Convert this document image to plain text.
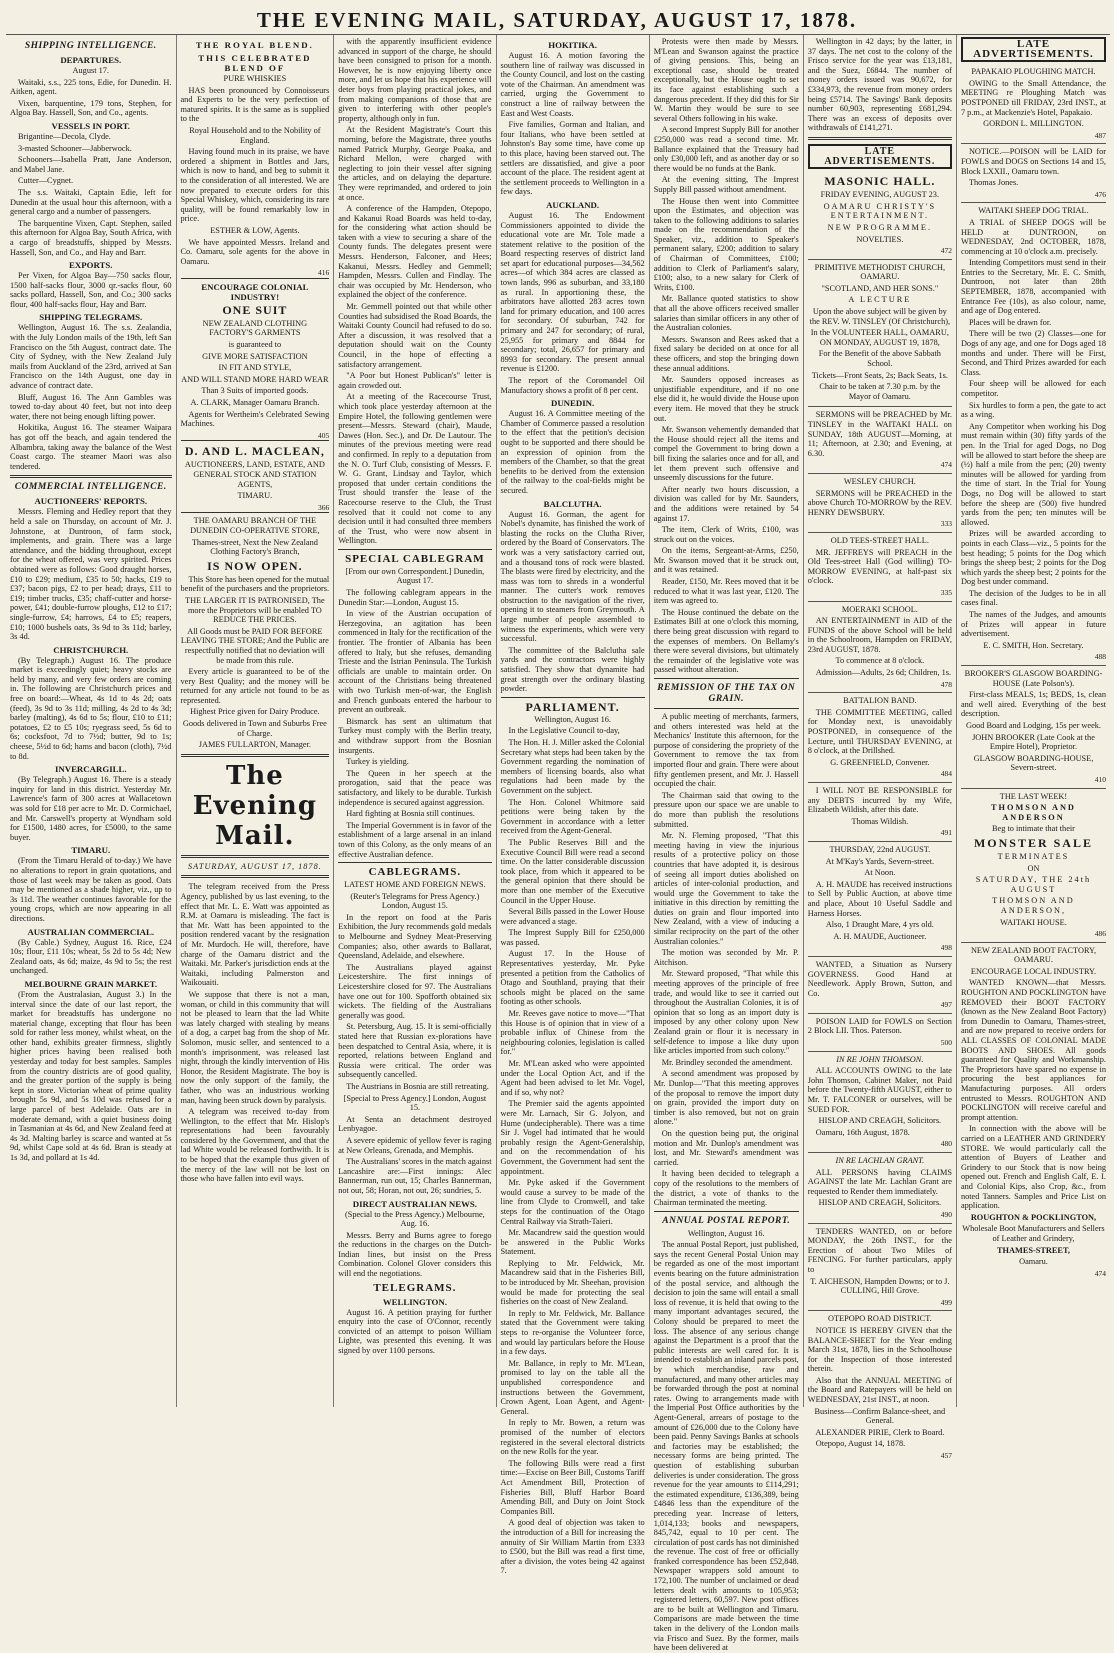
THE EVENING MAIL, SATURDAY, AUGUST 17, 1878.
SHIPPING INTELLIGENCE.
DEPARTURES.

August 17.

Waitaki, s.s., 225 tons, Edie, for Dunedin. H. Aitken, agent.

Vixen, barquentine, 179 tons, Stephen, for Algoa Bay. Hassell, Son, and Co., agents.

VESSELS IN PORT.

Brigantine—Decola, Clyde.

3-masted Schooner—Jabberwock.

Schooners—Isabella Pratt, Jane Anderson, and Mabel Jane.

Cutter—Cygnet.

The s.s. Waitaki, Captain Edie, left for Dunedin at the usual hour this afternoon, with a general cargo and a number of passengers.

The barquentine Vixen, Capt. Stephen, sailed this afternoon for Algoa Bay, South Africa, with a cargo of breadstuffs, shipped by Messrs. Hassell, Son, and Co., and Hay and Barr.

EXPORTS.

Per Vixen, for Algoa Bay—750 sacks flour, 1500 half-sacks flour, 3000 qr.-sacks flour, 60 sacks pollard, Hassell, Son, and Co.; 300 sacks flour, 400 half-sacks flour, Hay and Barr.

SHIPPING TELEGRAMS.

Wellington, August 16. The s.s. Zealandia, with the July London mails of the 19th, left San Francisco on the 5th August, contract date. The City of Sydney, with the New Zealand July mails from Auckland of the 23rd, arrived at San Francisco on the 14th August, one day in advance of contract date.

Bluff, August 16. The Ann Gambles was towed to-day about 40 feet, but not into deep water, there not being enough lifting power.

Hokitika, August 16. The steamer Waipara has got off the beach, and again tendered the Albambra, taking away the balance of the West Coast cargo. The steamer Maori was also tendered.

COMMERCIAL INTELLIGENCE.
AUCTIONEERS' REPORTS.

Messrs. Fleming and Hedley report that they held a sale on Thursday, on account of Mr. J. Johnstone, at Duntroon, of farm stock, implements, and grain. There was a large attendance, and the bidding throughout, except for the wheat offered, was very spirited. Prices obtained were as follows: Good draught horses, £10 to £29; medium, £35 to 50; hacks, £19 to £37; bacon pigs, £2 to per head; drays, £11 to £19; timber trucks, £35; chaff-cutter and horse-power, £41; double-furrow ploughs, £12 to £17; single-furrow, £4; harrows, £4 to £5; reapers, £10; 1000 bushels oats, 3s 9d to 3s 11d; barley, 3s 4d.

CHRISTCHURCH.

(By Telegraph.) August 16. The produce market is exceedingly quiet; heavy stocks are held by many, and very few orders are coming in. The following are Christchurch prices and free on board:—Wheat, 4s 1d to 4s 2d; oats (feed), 3s 9d to 3s 11d; milling, 4s 2d to 4s 3d; barley (malting), 4s 6d to 5s; flour, £10 to £11; potatoes, £2 to £5 10s; ryegrass seed, 5s 6d to 6s; cocksfoot, 7d to 7½d; butter, 9d to 1s; cheese, 5½d to 6d; hams and bacon (cloth), 7½d to 8d.

INVERCARGILL.

(By Telegraph.) August 16. There is a steady inquiry for land in this district. Yesterday Mr. Lawrence's farm of 300 acres at Wallacetown was sold for £18 per acre to Mr. D. Cormichael, and Mr. Carswell's property at Wyndham sold for £1500, 1480 acres, for £5000, to the same buyer.

TIMARU.

(From the Timaru Herald of to-day.) We have no alterations to report in grain quotations, and those of last week may be taken as good. Oats may be mentioned as a shade higher, viz., up to 3s 11d. The weather continues favorable for the young crops, which are now appearing in all directions.

AUSTRALIAN COMMERCIAL.

(By Cable.) Sydney, August 16. Rice, £24 10s; flour, £11 10s; wheat, 5s 2d to 5s 4d; New Zealand oats, 4s 6d; maize, 4s 9d to 5s; the rest unchanged.

MELBOURNE GRAIN MARKET.

(From the Australasian, August 3.) In the interval since the date of our last report, the market for breadstuffs has undergone no material change, excepting that flour has been sold for rather less money, whilst wheat, on the other hand, exhibits greater firmness, slightly higher prices having been realised both yesterday and today for best samples. Samples from the country districts are of good quality, and the greater portion of the supply is being kept in store. Victorian wheat of prime quality brought 5s 9d, and 5s 10d was refused for a large parcel of best Adelaide. Oats are in moderate demand, with a quiet business doing in Tasmanian at 4s 6d, and New Zealand feed at 4s 3d. Malting barley is scarce and wanted at 5s 9d, whilst Cape sold at 4s 6d. Bran is steady at 1s 3d, and pollard at 1s 4d.

THE ROYAL BLEND.
THIS CELEBRATED BLEND OF

PURE WHISKIES

HAS been pronounced by Connoisseurs and Experts to be the very perfection of matured spirits. It is the same as is supplied to the

Royal Household and to the Nobility of England.

Having found much in its praise, we have ordered a shipment in Bottles and Jars, which is now to hand, and beg to submit it to the consideration of all interested. We are now prepared to execute orders for this Special Whiskey, which, considering its rare quality, will be found remarkably low in price.

ESTHER & LOW, Agents.

We have appointed Messrs. Ireland and Co. Oamaru, sole agents for the above in Oamaru.

416
ENCOURAGE COLONIAL INDUSTRY!

ONE SUIT

NEW ZEALAND CLOTHING FACTORY'S GARMENTS

is guaranteed to

GIVE MORE SATISFACTION

IN FIT AND STYLE,

AND WILL STAND MORE HARD WEAR

Than 3 Suits of imported goods.

A. CLARK, Manager Oamaru Branch.

Agents for Wertheim's Celebrated Sewing Machines.

405

D. AND L. MACLEAN,

AUCTIONEERS, LAND, ESTATE, AND GENERAL STOCK AND STATION AGENTS,

TIMARU.

366

THE OAMARU BRANCH OF THE DUNEDIN CO-OPERATIVE STORE,

Thames-street, Next the New Zealand Clothing Factory's Branch,

IS NOW OPEN.

This Store has been opened for the mutual benefit of the purchasers and the proprietors.

THE LARGER IT IS PATRONISED, The more the Proprietors will be enabled TO REDUCE THE PRICES.

All Goods must be PAID FOR BEFORE LEAVING THE STORE; And the Public are respectfully notified that no deviation will be made from this rule.

Every article is guaranteed to be of the very Best Quality; and the money will be returned for any article not found to be as represented.

Highest Price given for Dairy Produce.

Goods delivered in Town and Suburbs Free of Charge.

JAMES FULLARTON, Manager.

The Evening Mail.

SATURDAY, AUGUST 17, 1878.

The telegram received from the Press Agency, published by us last evening, to the effect that Mr. L. E. Watt was appointed as R.M. at Oamaru is misleading. The fact is that Mr. Watt has been appointed to the position rendered vacant by the resignation of Mr. Murdoch. He will, therefore, have charge of the Oamaru district and the Waitaki. Mr. Parker's jurisdiction ends at the Waitaki, including Palmerston and Waikouaiti.

We suppose that there is not a man, woman, or child in this community that will not be pleased to learn that the lad White was lately charged with stealing by means of a dog, a carpet bag from the shop of Mr. Solomon, music seller, and sentenced to a month's imprisonment, was released last night, through the kindly intervention of His Honor, the Resident Magistrate. The boy is now the only support of the family, the father, who was an industrious working man, having been struck down by paralysis.

A telegram was received to-day from Wellington, to the effect that Mr. Hislop's representations had been favourably considered by the Government, and that the lad White would be released forthwith. It is to be hoped that the example thus given of the mercy of the law will not be lost on those who have fallen into evil ways.

with the apparently insufficient evidence advanced in support of the charge, he should have been consigned to prison for a month. However, he is now enjoying liberty once more, and let us hope that his experience will deter boys from playing practical jokes, and from making companions of those that are given to interfering with other people's property, although only in fun.

At the Resident Magistrate's Court this morning, before the Magistrate, three youths named Patrick Murphy, George Poaka, and Richard Mellon, were charged with neglecting to join their vessel after signing the articles, and on delaying the departure. They were reprimanded, and ordered to join at once.

A conference of the Hampden, Otepopo, and Kakanui Road Boards was held to-day, for the considering what action should be taken with a view to securing a share of the County funds. The delegates present were Messrs. Henderson, Falconer, and Hees; Kakanui, Messrs. Hedley and Gemmell; Hampden, Messrs. Cullen and Findlay. The chair was occupied by Mr. Henderson, who explained the object of the conference.

Mr. Gemmell pointed out that while other Counties had subsidised the Road Boards, the Waitaki County Council had refused to do so. After a discussion, it was resolved that a deputation should wait on the County Council, in the hope of effecting a satisfactory arrangement.

"A Poor but Honest Publican's" letter is again crowded out.

At a meeting of the Racecourse Trust, which took place yesterday afternoon at the Empire Hotel, the following gentlemen were present—Messrs. Steward (chair), Maude, Dawes (Hon. Sec.), and Dr. De Lautour. The minutes of the previous meeting were read and confirmed. In reply to a deputation from the N. O. Turf Club, consisting of Messrs. F. W. G. Grant, Lindsay and Taylor, which proposed that under certain conditions the Trust should transfer the lease of the Racecourse reserve to the Club, the Trust resolved that it could not come to any decision until it had consulted three members of the Trust, who were now absent in Wellington.

SPECIAL CABLEGRAM

[From our own Correspondent.] Dunedin, August 17.

The following cablegram appears in the Dunedin Star:—London, August 15.

In view of the Austrian occupation of Herzegovina, an agitation has been commenced in Italy for the rectification of the frontier. The frontier of Albania has been offered to Italy, but she refuses, demanding Trieste and the Istrian Peninsula. The Turkish officials are unable to maintain order. On account of the Christians being threatened with two Turkish men-of-war, the English and French gunboats entered the harbour to prevent an outbreak.

Bismarck has sent an ultimatum that Turkey must comply with the Berlin treaty, and withdraw support from the Bosnian insurgents.

Turkey is yielding.

The Queen in her speech at the prorogation, said that the peace was satisfactory, and likely to be durable. Turkish independence is secured against aggression.

Hard fighting at Bosnia still continues.

The Imperial Government is in favor of the establishment of a large arsenal in an inland town of this Colony, as the only means of an effective Australian defence.

CABLEGRAMS.

LATEST HOME AND FOREIGN NEWS.

(Reuter's Telegrams for Press Agency.) London, August 15.

In the report on food at the Paris Exhibition, the Jury recommends gold medals to Melbourne and Sydney Meat-Preserving Companies; also, other awards to Ballarat, Queensland, Adelaide, and elsewhere.

The Australians played against Leicestershire. The first innings of Leicestershire closed for 97. The Australians have one out for 100. Spofforth obtained six wickets. The fielding of the Australians generally was good.

St. Petersburg, Aug. 15. It is semi-officially stated here that Russian ex-plorations have been despatched to Central Asia, where, it is reported, relations between England and Russia were critical. The order was subsequently cancelled.

The Austrians in Bosnia are still retreating.

[Special to Press Agency.] London, August 15.

At Senta an detachment destroyed Lenbyagoe.

A severe epidemic of yellow fever is raging at New Orleans, Grenada, and Memphis.

The Australians' scores in the match against Lancashire are:—First innings: Alec Bannerman, run out, 15; Charles Bannerman, not out, 58; Horan, not out, 26; sundries, 5.

DIRECT AUSTRALIAN NEWS.

(Special to the Press Agency.) Melbourne, Aug. 16.

Messrs. Berry and Burns agree to forego the reductions in the charges on the Dutch-Indian lines, but insist on the Press Combination. Colonel Glover considers this will end the negotiations.

TELEGRAMS.
WELLINGTON.

August 16. A petition praying for further enquiry into the case of O'Connor, recently convicted of an attempt to poison William Lighte, was presented this evening. It was signed by over 1100 persons.

HOKITIKA.

August 16. A motion favoring the southern line of railway was discussed in the County Council, and lost on the casting vote of the Chairman. An amendment was carried, urging the Government to construct a line of railway between the East and West Coasts.

Five families, Gorman and Italian, and four Italians, who have been settled at Johnston's Bay some time, have come up to this place, having been starved out. The settlers are dissatisfied, and give a poor account of the place. The resident agent at the settlement proceeds to Wellington in a few days.

AUCKLAND.

August 16. The Endowment Commissioners appointed to divide the educational vote are Mr. Tole made a statement relative to the position of the Board respecting reserves of district land set apart for educational purposes—34,562 acres—of which 384 acres are classed as town lands, 996 as suburban, and 33,180 as rural. In apportioning these, the arbitrators have allotted 283 acres town land for primary education, and 100 acres for secondary. Of suburban, 742 for primary and 247 for secondary; of rural, 25,955 for primary and 8844 for secondary; total, 26,657 for primary and 8993 for secondary. The present annual revenue is £1200.

The report of the Coromandel Oil Manufactory shows a profit of 8 per cent.

DUNEDIN.

August 16. A Committee meeting of the Chamber of Commerce passed a resolution to the effect that the petition's decision ought to be supported and there should be an expression of opinion from the members of the Chamber, so that the great benefits to be derived from the extension of the railway to the coal-fields might be secured.

BALCLUTHA.

August 16. Gorman, the agent for Nobel's dynamite, has finished the work of blasting the rocks on the Clutha River, ordered by the Board of Conservators. The work was a very satisfactory carried out, and a thousand tons of rock were blasted. The blasts were fired by electricity, and the mass was torn to shreds in a wonderful manner. The cutter's work removes obstruction to the navigation of the river, opening it to steamers from Greymouth. A large number of people assembled to witness the experiments, which were very successful.

The committee of the Balclutha sale yards and the contractors were highly satisfied. They show that dynamite had great strength over the ordinary blasting powder.

PARLIAMENT.

Wellington, August 16.

In the Legislative Council to-day,

The Hon. H. J. Miller asked the Colonial Secretary what steps had been taken by the Government regarding the nomination of members of licensing boards, also what regulations had been made by the Government on the subject.

The Hon. Colonel Whitmore said petitions were being taken by the Government in accordance with a letter received from the Agent-General.

The Public Reserves Bill and the Executive Council Bill were read a second time. On the latter considerable discussion took place, from which it appeared to be the general opinion that there should be more than one member of the Executive Council in the Upper House.

Several Bills passed in the Lower House were advanced a stage.

The Imprest Supply Bill for £250,000 was passed.

August 17. In the House of Representatives yesterday, Mr. Pyke presented a petition from the Catholics of Otago and Southland, praying that their schools might be placed on the same footing as other schools.

Mr. Reeves gave notice to move—"That this House is of opinion that in view of a probable influx of Chinese from the neighbouring colonies, legislation is called for."

Mr. M'Lean asked who were appointed under the Local Option Act, and if the Agent had been advised to let Mr. Vogel, and if so, why not?

The Premier said the agents appointed were Mr. Larnach, Sir G. Jolyon, and Hume (undecipherable). There was a time Sir J. Vogel had intimated that he would probably resign the Agent-Generalship, and on the recommendation of his Government, the Government had sent the appointment.

Mr. Pyke asked if the Government would cause a survey to be made of the line from Clyde to Cromwell, and take steps for the continuation of the Otago Central Railway via Strath-Taieri.

Mr. Macandrew said the question would be answered in the Public Works Statement.

Replying to Mr. Feldwick, Mr. Macandrew said that in the Fisheries Bill, to be introduced by Mr. Sheehan, provision would be made for protecting the seal fisheries on the coast of New Zealand.

In reply to Mr. Feldwick, Mr. Ballance stated that the Government were taking steps to re-organise the Volunteer force, and would lay particulars before the House in a few days.

Mr. Ballance, in reply to Mr. M'Lean, promised to lay on the table all the unpublished correspondence and instructions between the Government, Crown Agent, Loan Agent, and Agent-General.

In reply to Mr. Bowen, a return was promised of the number of electors registered in the several electoral districts on the new Rolls for the year.

The following Bills were read a first time:—Excise on Beer Bill, Customs Tariff Act Amendment Bill, Protection of Fisheries Bill, Bluff Harbor Board Amending Bill, and Duty on Joint Stock Companies Bill.

A good deal of objection was taken to the introduction of a Bill for increasing the annuity of Sir William Martin from £333 to £500, but the Bill was read a first time, after a division, the votes being 42 against 7.

Protests were then made by Messrs. M'Lean and Swanson against the practice of giving pensions. This, being an exceptional case, should be treated exceptionally, but the House ought to set its face against establishing such a dangerous precedent. If they did this for Sir W. Martin they would be sure to see several Others following in his wake.

A second Imprest Supply Bill for another £250,000 was read a second time. Mr. Ballance explained that the Treasury had only £30,000 left, and as another day or so there would be no funds at the Bank.

At the evening sitting, The Imprest Supply Bill passed without amendment.

The House then went into Committee upon the Estimates, and objection was taken to the following additions to salaries made on the recommendation of the Speaker, viz., addition to Speaker's permanent salary, £200; addition to salary of Chairman of Committees, £100; addition to Clerk of Parliament's salary, £100; also, to a new salary for Clerk of Writs, £100.

Mr. Ballance quoted statistics to show that all the above officers received smaller salaries than similar officers in any other of the Australian colonies.

Messrs. Swanson and Rees asked that a fixed salary be decided on at once for all these officers, and stop the bringing down these annual additions.

Mr. Saunders opposed increases as unjustifiable expenditure, and if no one else did it, he would divide the House upon every item. He moved that they be struck out.

Mr. Swanson vehemently demanded that the House should reject all the items and compel the Government to bring down a bill fixing the salaries once and for all, and let them prevent such offensive and unseemly discussions for the future.

After nearly two hours discussion, a division was called for by Mr. Saunders, and the additions were retained by 54 against 17.

The item, Clerk of Writs, £100, was struck out on the voices.

On the items, Sergeant-at-Arms, £250, Mr. Swanson moved that it be struck out, and it was retained.

Reader, £150, Mr. Rees moved that it be reduced to what it was last year, £120. The item was agreed to.

The House continued the debate on the Estimates Bill at one o'clock this morning, there being great discussion with regard to the expenses of members. On Bellamy's there were several divisions, but ultimately the remainder of the legislative vote was passed without alteration.

REMISSION OF THE TAX ON GRAIN.

A public meeting of merchants, farmers, and others interested was held at the Mechanics' Institute this afternoon, for the purpose of considering the propriety of the Government to remove the tax from imported flour and grain. There were about fifty gentlemen present, and Mr. J. Hassell occupied the chair.

The Chairman said that owing to the pressure upon our space we are unable to do more than publish the resolutions submitted.

Mr. N. Fleming proposed, "That this meeting having in view the injurious results of a protective policy on those countries that have adopted it, is desirous of seeing all import duties abolished on articles of inter-colonial production, and would urge the Government to take the initiative in this direction by remitting the duties on grain and flour imported into New Zealand, with a view of inducing a similar reciprocity on the part of the other Australian colonies."

The motion was seconded by Mr. P. Aitchison.

Mr. Steward proposed, "That while this meeting approves of the principle of free trade, and would like to see it carried out throughout the Australian Colonies, it is of opinion that so long as an import duty is imposed by any other colony upon New Zealand grain or flour it is necessary in self-defence to impose a like duty upon like articles imported from such colony."

Mr. Brindley seconded the amendment.

A second amendment was proposed by Mr. Dunlop—"That this meeting approves of the proposal to remove the import duty on grain, provided the import duty on timber is also removed, but not on grain alone."

On the question being put, the original motion and Mr. Dunlop's amendment was lost, and Mr. Steward's amendment was carried.

It having been decided to telegraph a copy of the resolutions to the members of the district, a vote of thanks to the Chairman terminated the meeting.

ANNUAL POSTAL REPORT.

Wellington, August 16.

The annual Postal Report, just published, says the recent General Postal Union may be regarded as one of the most important events bearing on the future administration of the postal service, and although the decision to join the same will entail a small loss of revenue, it is held that owing to the many important advantages secured, the Colony should be prepared to meet the loss. The absence of any serious change against the Department is a proof that the public interests are well cared for. It is intended to establish an inland parcels post, by which merchandise, raw and manufactured, and many other articles may be forwarded through the post at nominal rates. Owing to arrangements made with the Imperial Post Office authorities by the Agent-General, arrears of postage to the amount of £26,000 due to the Colony have been paid. Penny Savings Banks at schools and factories may be established; the necessary forms are being printed. The question of establishing suburban deliveries is under consideration. The gross revenue for the year amounts to £114,291; the estimated expenditure, £136,389, being £4846 less than the expenditure of the preceding year. Increase of letters, 1,014,133; books and newspapers, 845,742, equal to 10 per cent. The circulation of post cards has not diminished the revenue. The cost of free or officially franked correspondence has been £52,848. Newspaper wrappers sold amount to 172,100. The number of unclaimed or dead letters dealt with amounts to 105,953; registered letters, 60,597. New post offices are to be built at Wellington and Timaru. Comparisons are made between the time taken in the delivery of the London mails via Frisco and Suez. By the former, mails have been delivered at

Wellington in 42 days; by the latter, in 37 days. The net cost to the colony of the Frisco service for the year was £13,181, and the Suez, £6844. The number of money orders issued was 90,672, for £334,973, the revenue from money orders being £5714. The Savings' Bank deposits number 60,903, representing £681,294. There was an excess of deposits over withdrawals of £141,271.

LATE ADVERTISEMENTS.

MASONIC HALL.

FRIDAY EVENING, AUGUST 23.

OAMARU CHRISTY'S ENTERTAINMENT.

NEW PROGRAMME.

NOVELTIES.

472

PRIMITIVE METHODIST CHURCH, OAMARU.

"SCOTLAND, AND HER SONS."

A LECTURE

Upon the above subject will be given by the REV. W. TINSLEY (Of Christchurch),

In the VOLUNTEER HALL, OAMARU, ON MONDAY, AUGUST 19, 1878,

For the Benefit of the above Sabbath School.

Tickets—Front Seats, 2s; Back Seats, 1s.

Chair to be taken at 7.30 p.m. by the Mayor of Oamaru.

SERMONS will be PREACHED by Mr. TINSLEY in the WAITAKI HALL on SUNDAY, 18th AUGUST—Morning, at 11; Afternoon, at 2.30; and Evening, at 6.30.

474

WESLEY CHURCH.

SERMONS will be PREACHED in the above Church TO-MORROW by the REV. HENRY DEWSBURY.

333

OLD TEES-STREET HALL.

MR. JEFFREYS will PREACH in the Old Tees-street Hall (God willing) TO-MORROW EVENING, at half-past six o'clock.

335

MOERAKI SCHOOL.

AN ENTERTAINMENT in AID of the FUNDS of the above School will be held in the Schoolroom, Hampden on FRIDAY, 23rd AUGUST, 1878.

To commence at 8 o'clock.

Admission—Adults, 2s 6d; Children, 1s.

478

BATTALION BAND.

THE COMMITTEE MEETING, called for Monday next, is unavoidably POSTPONED, in consequence of the Lecture, until THURSDAY EVENING, at 8 o'clock, at the Drillshed.

G. GREENFIELD, Convener.

484

I WILL NOT BE RESPONSIBLE for any DEBTS incurred by my Wife, Elizabeth Wildish, after this date.

Thomas Wildish.

491

THURSDAY, 22nd AUGUST.

At M'Kay's Yards, Severn-street.

At Noon.

A. H. MAUDE has received instructions to Sell by Public Auction, at above time and place, About 10 Useful Saddle and Harness Horses.

Also, 1 Draught Mare, 4 yrs old.

A. H. MAUDE, Auctioneer.

498

WANTED, a Situation as Nursery GOVERNESS. Good Hand at Needlework. Apply Brown, Sutton, and Co.

497

POISON LAID for FOWLS on Section 2 Block LII. Thos. Paterson.

500

IN RE JOHN THOMSON.

ALL ACCOUNTS OWING to the late John Thomson, Cabinet Maker, not Paid before the Twenty-fifth AUGUST, either to Mr. T. FALCONER or ourselves, will be SUED FOR.

HISLOP AND CREAGH, Solicitors.

Oamaru, 16th August, 1878.

480

IN RE LACHLAN GRANT.

ALL PERSONS having CLAIMS AGAINST the late Mr. Lachlan Grant are requested to Render them immediately.

HISLOP AND CREAGH, Solicitors.

490

TENDERS WANTED, on or before MONDAY, the 26th INST., for the Erection of about Two Miles of FENCING. For further particulars, apply to

T. AICHESON, Hampden Downs; or to J. CULLING, Hill Grove.

499

OTEPOPO ROAD DISTRICT.

NOTICE IS HEREBY GIVEN that the BALANCE-SHEET for the Year ending March 31st, 1878, lies in the Schoolhouse for the Inspection of those interested therein.

Also that the ANNUAL MEETING of the Board and Ratepayers will be held on WEDNESDAY, 21st INST., at noon.

Business—Confirm Balance-sheet, and General.

ALEXANDER PIRIE, Clerk to Board.

Otepopo, August 14, 1878.

457
LATE ADVERTISEMENTS.

PAPAKAIO PLOUGHING MATCH.

OWING to the Small Attendance, the MEETING re Ploughing Match was POSTPONED till FRIDAY, 23rd INST., at 7 p.m., at Mackenzie's Hotel, Papakaio.

GORDON L. MILLINGTON.

487

NOTICE.—POISON will be LAID for FOWLS and DOGS on Sections 14 and 15, Block LXXII., Oamaru town.

Thomas Jones.

476

WAITAKI SHEEP DOG TRIAL.

A TRIAL of SHEEP DOGS will be HELD at DUNTROON, on WEDNESDAY, 2nd OCTOBER, 1878, commencing at 10 o'clock a.m. precisely.

Intending Competitors must send in their Entries to the Secretary, Mr. E. C. Smith, Duntroon, not later than 28th SEPTEMBER, 1878, accompanied with Entrance Fee (10s), as also colour, name, and age of Dog entered.

Places will be drawn for.

There will be two (2) Classes—one for Dogs of any age, and one for Dogs aged 18 months and under. There will be First, Second, and Third Prizes awarded for each Class.

Four sheep will be allowed for each competitor.

Six hurdles to form a pen, the gate to act as a wing.

Any Competitor when working his Dog must remain within (30) fifty yards of the pen. In the Trial for aged Dogs, no Dog will be allowed to start before the sheep are (½) half a mile from the pen; (20) twenty minutes will be allowed for yarding from the time of start. In the Trial for Young Dogs, no Dog will be allowed to start before the sheep are (500) five hundred yards from the pen; ten minutes will be allowed.

Prizes will be awarded according to points in each Class—viz., 5 points for the best heading; 5 points for the Dog which brings the sheep best; 2 points for the Dog which yards the sheep best; 2 points for the Dog best under command.

The decision of the Judges to be in all cases final.

The names of the Judges, and amounts of Prizes will appear in future advertisement.

E. C. SMITH, Hon. Secretary.

488

BROOKER'S GLASGOW BOARDING-HOUSE (Late Polson's).

First-class MEALS, 1s; BEDS, 1s, clean and well aired. Everything of the best description.

Good Board and Lodging, 15s per week.

JOHN BROOKER (Late Cook at the Empire Hotel), Proprietor.

GLASGOW BOARDING-HOUSE, Severn-street.

410

THE LAST WEEK!

THOMSON AND ANDERSON

Beg to intimate that their

MONSTER SALE

TERMINATES

ON

SATURDAY, THE 24th AUGUST

THOMSON AND ANDERSON,

WAITAKI HOUSE.

486

NEW ZEALAND BOOT FACTORY, OAMARU.

ENCOURAGE LOCAL INDUSTRY.

WANTED KNOWN—that Messrs. ROUGHTON AND POCKLINGTON have REMOVED their BOOT FACTORY (known as the New Zealand Boot Factory) from Dunedin to Oamaru, Thames-street, and are now prepared to receive orders for ALL CLASSES OF COLONIAL MADE BOOTS AND SHOES. All goods guaranteed for Quality and Workmanship. The Proprietors have spared no expense in procuring the best appliances for Manufacturing purposes. All orders entrusted to Messrs. ROUGHTON AND POCKLINGTON will receive careful and prompt attention.

In connection with the above will be carried on a LEATHER AND GRINDERY STORE. We would particularly call the attention of Buyers of Leather and Grindery to our Stock that is now being opened out. French and English Calf, E. I. and Colonial Kips, also Crop, &c., from noted Tanners. Samples and Price List on application.

ROUGHTON & POCKLINGTON,

Wholesale Boot Manufacturers and Sellers of Leather and Grindery,

THAMES-STREET,

Oamaru.

474
